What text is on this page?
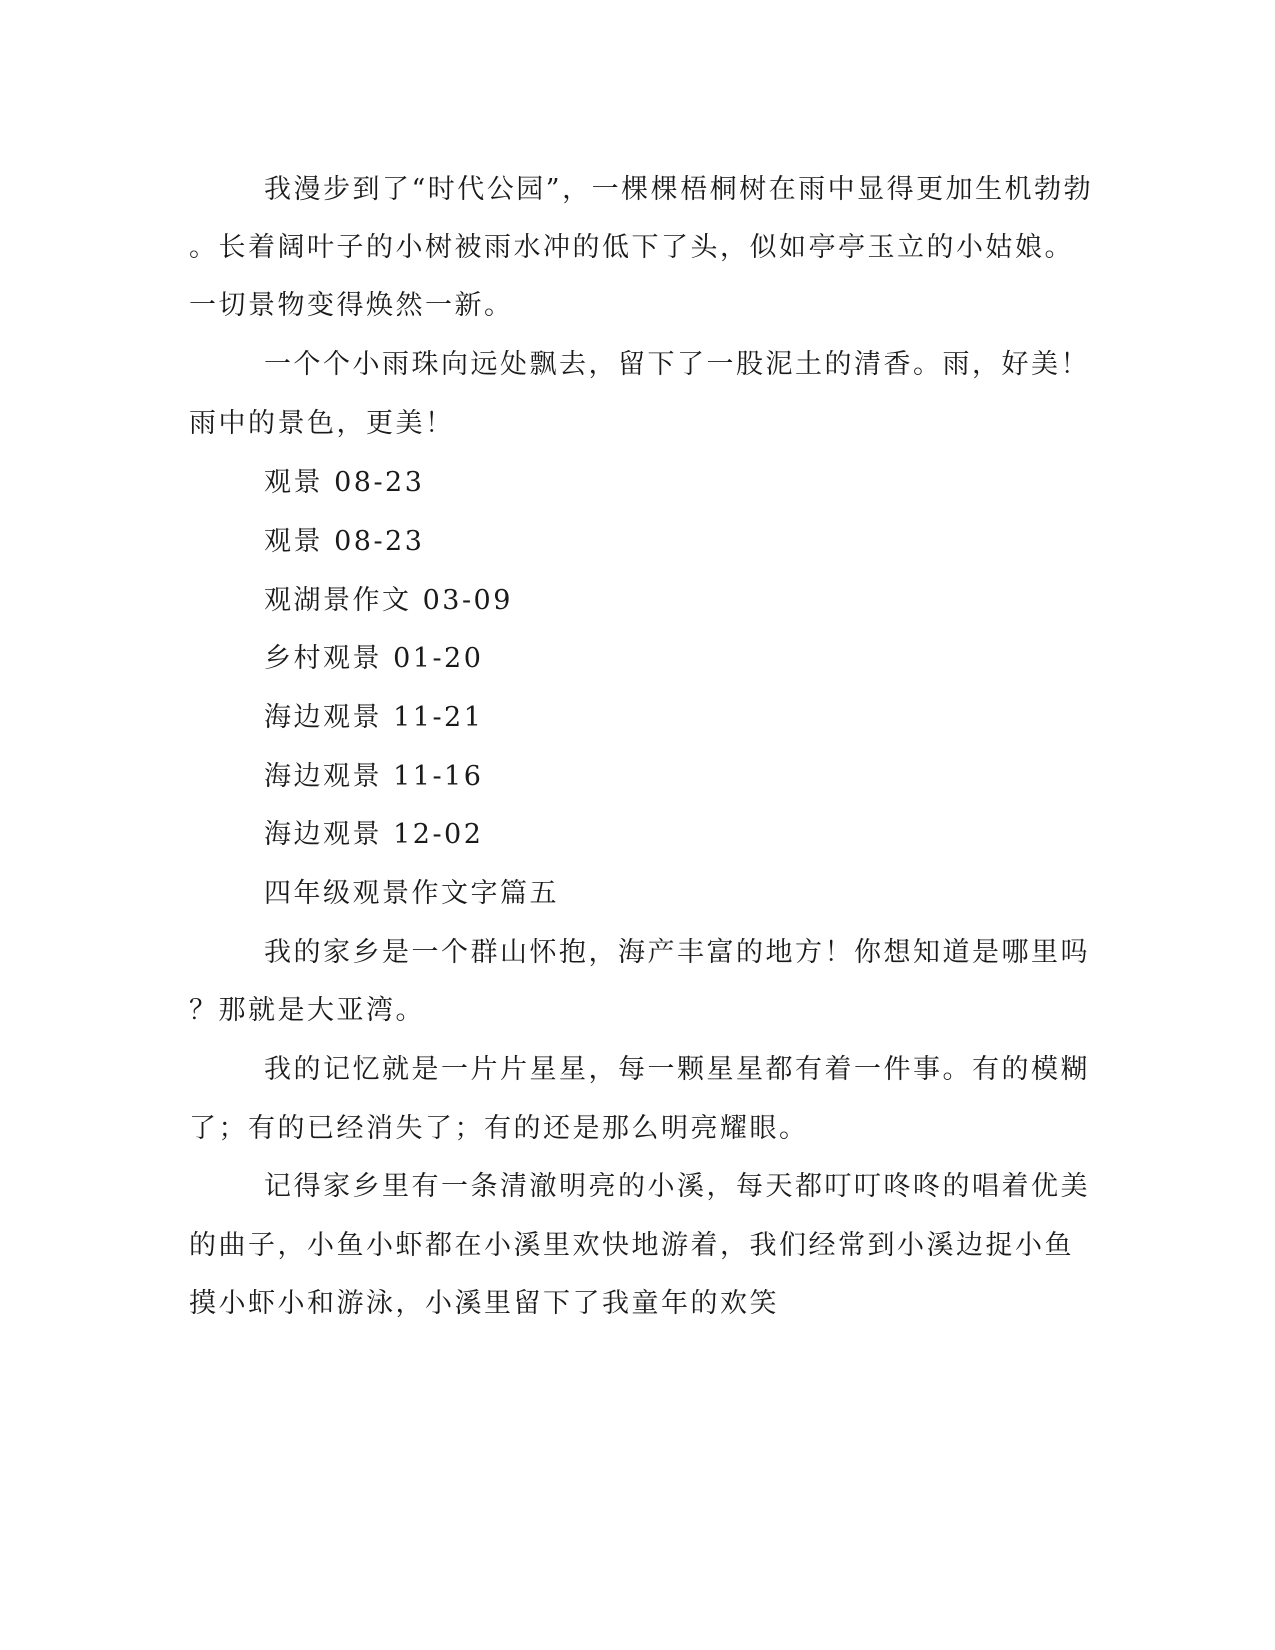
我漫步到了“时代公园”，一棵棵梧桐树在雨中显得更加生机勃勃
。长着阔叶子的小树被雨水冲的低下了头，似如亭亭玉立的小姑娘。
一切景物变得焕然一新。
一个个小雨珠向远处飘去，留下了一股泥土的清香。雨，好美！
雨中的景色，更美！
观景 08-23
观景 08-23
观湖景作文 03-09
乡村观景 01-20
海边观景 11-21
海边观景 11-16
海边观景 12-02
四年级观景作文字篇五
我的家乡是一个群山怀抱，海产丰富的地方！你想知道是哪里吗
？那就是大亚湾。
我的记忆就是一片片星星，每一颗星星都有着一件事。有的模糊
了；有的已经消失了；有的还是那么明亮耀眼。
记得家乡里有一条清澈明亮的小溪，每天都叮叮咚咚的唱着优美
的曲子，小鱼小虾都在小溪里欢快地游着，我们经常到小溪边捉小鱼
摸小虾小和游泳，小溪里留下了我童年的欢笑
